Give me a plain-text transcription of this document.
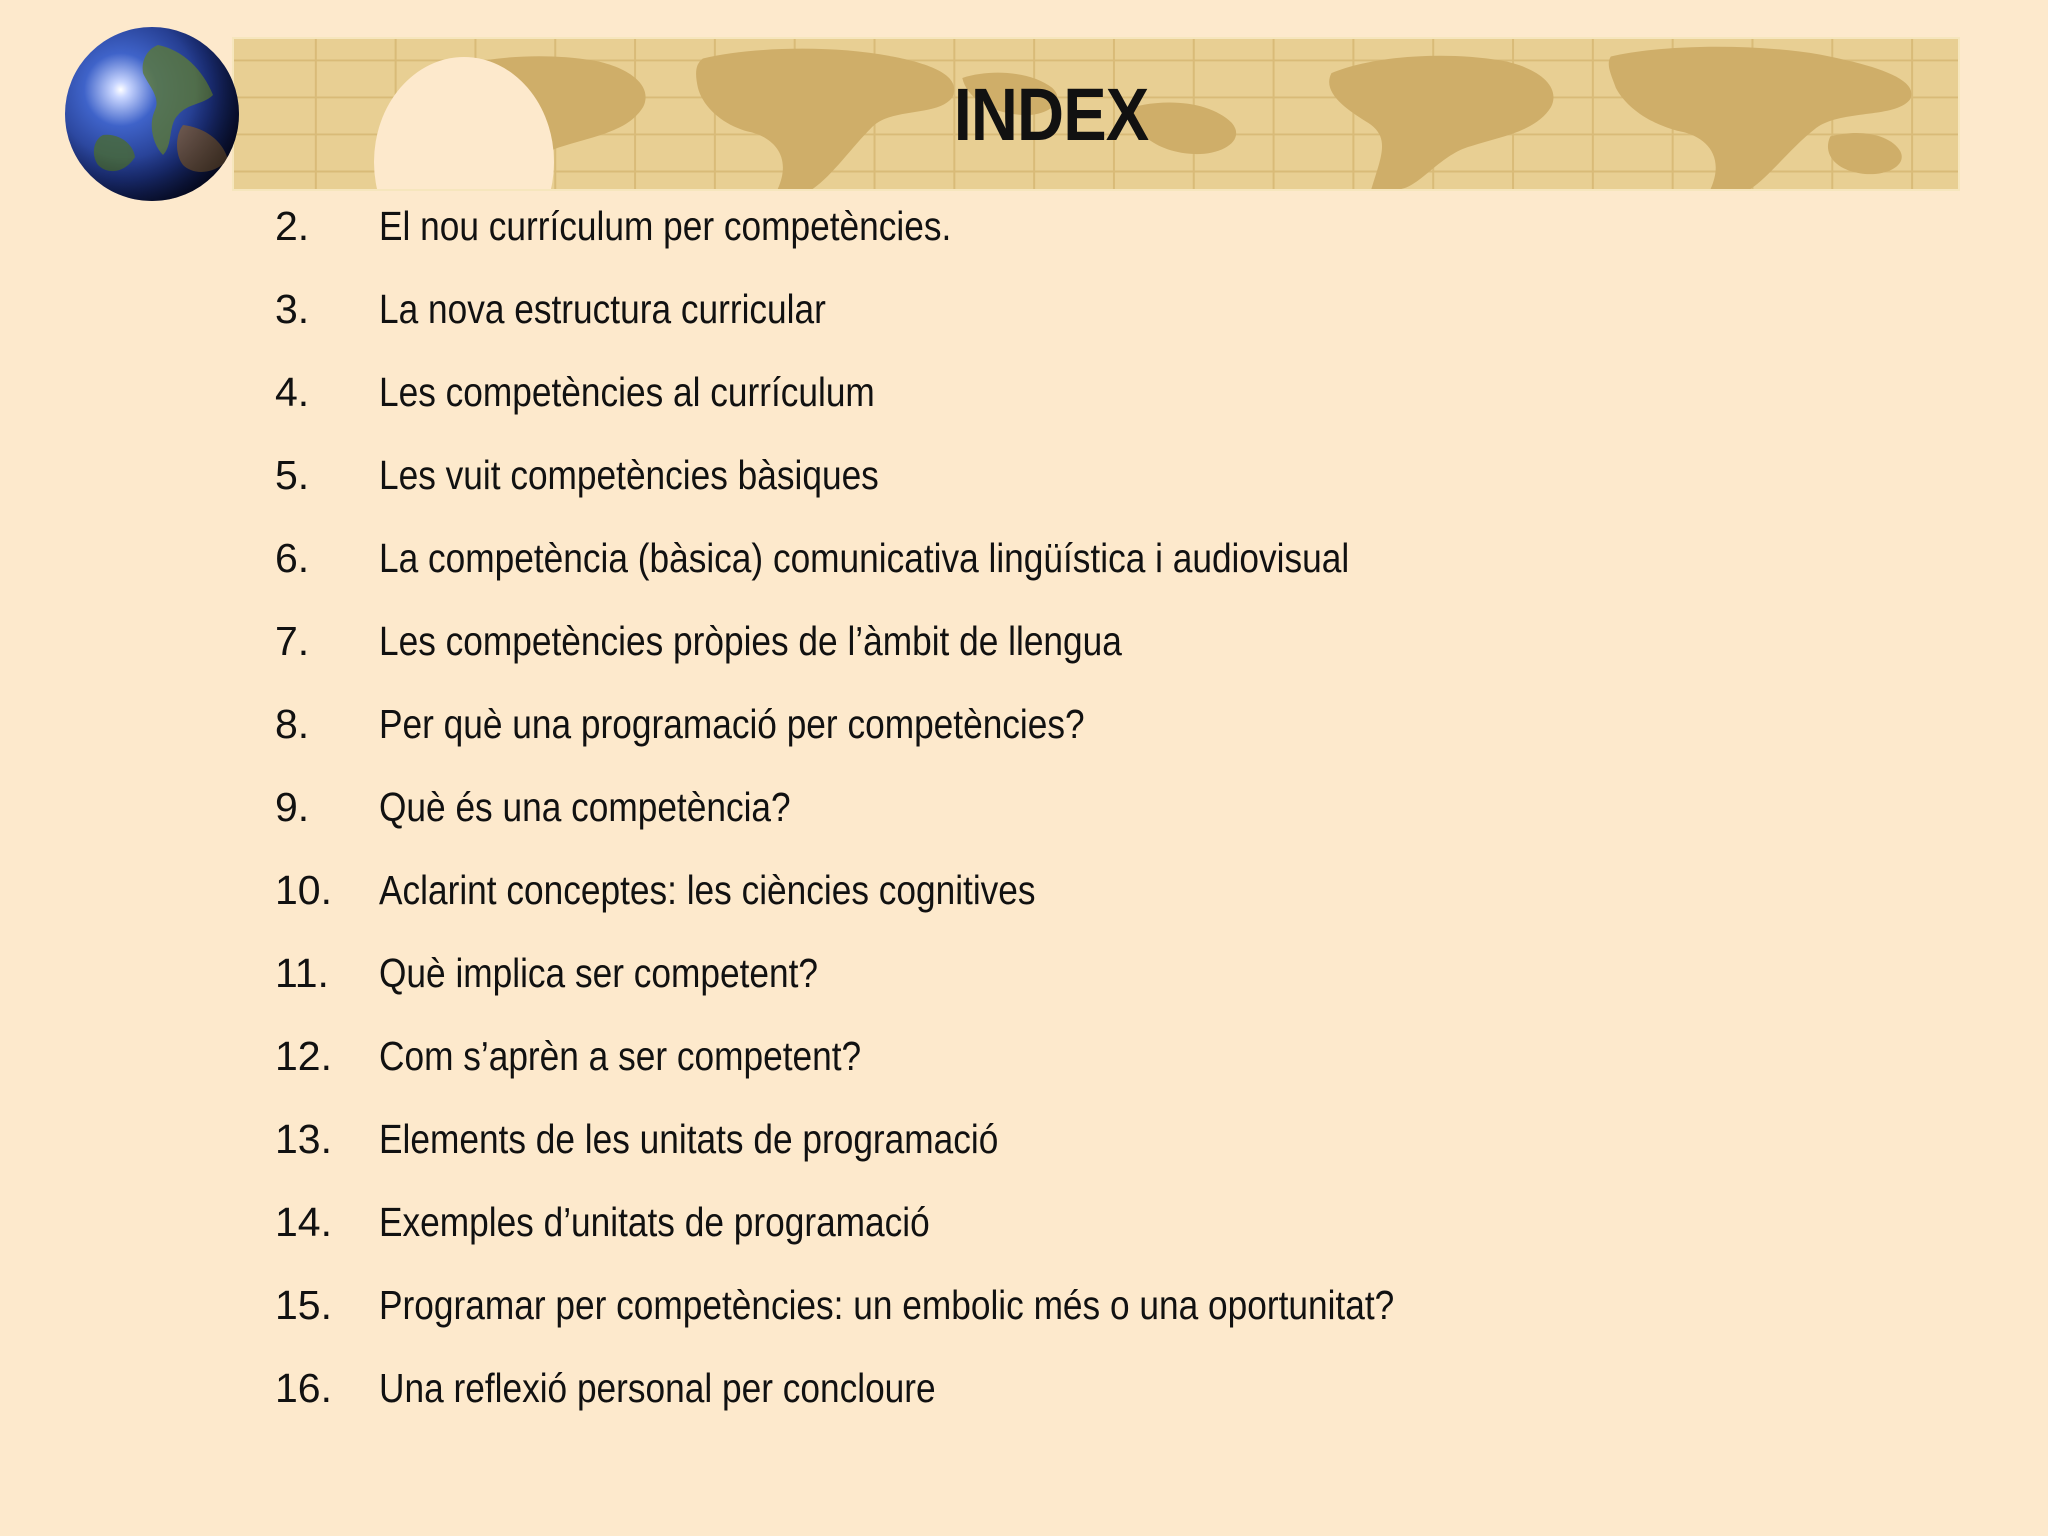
INDEX
2.	El nou currículum per competències.
3.	La nova estructura curricular
4.	Les competències al currículum
5.	Les vuit competències bàsiques
6.	La competència (bàsica) comunicativa lingüística i audiovisual
7.	Les competències pròpies de l’àmbit de llengua
8.	Per què una programació per competències?
9.	Què és una competència?
10.	Aclarint conceptes: les ciències cognitives
11.	Què implica ser competent?
12.	Com s’aprèn a ser competent?
13.	Elements de les unitats de programació
14.	Exemples d’unitats de programació
15.	Programar per competències: un embolic més o una oportunitat?
16.	Una reflexió personal per concloure
